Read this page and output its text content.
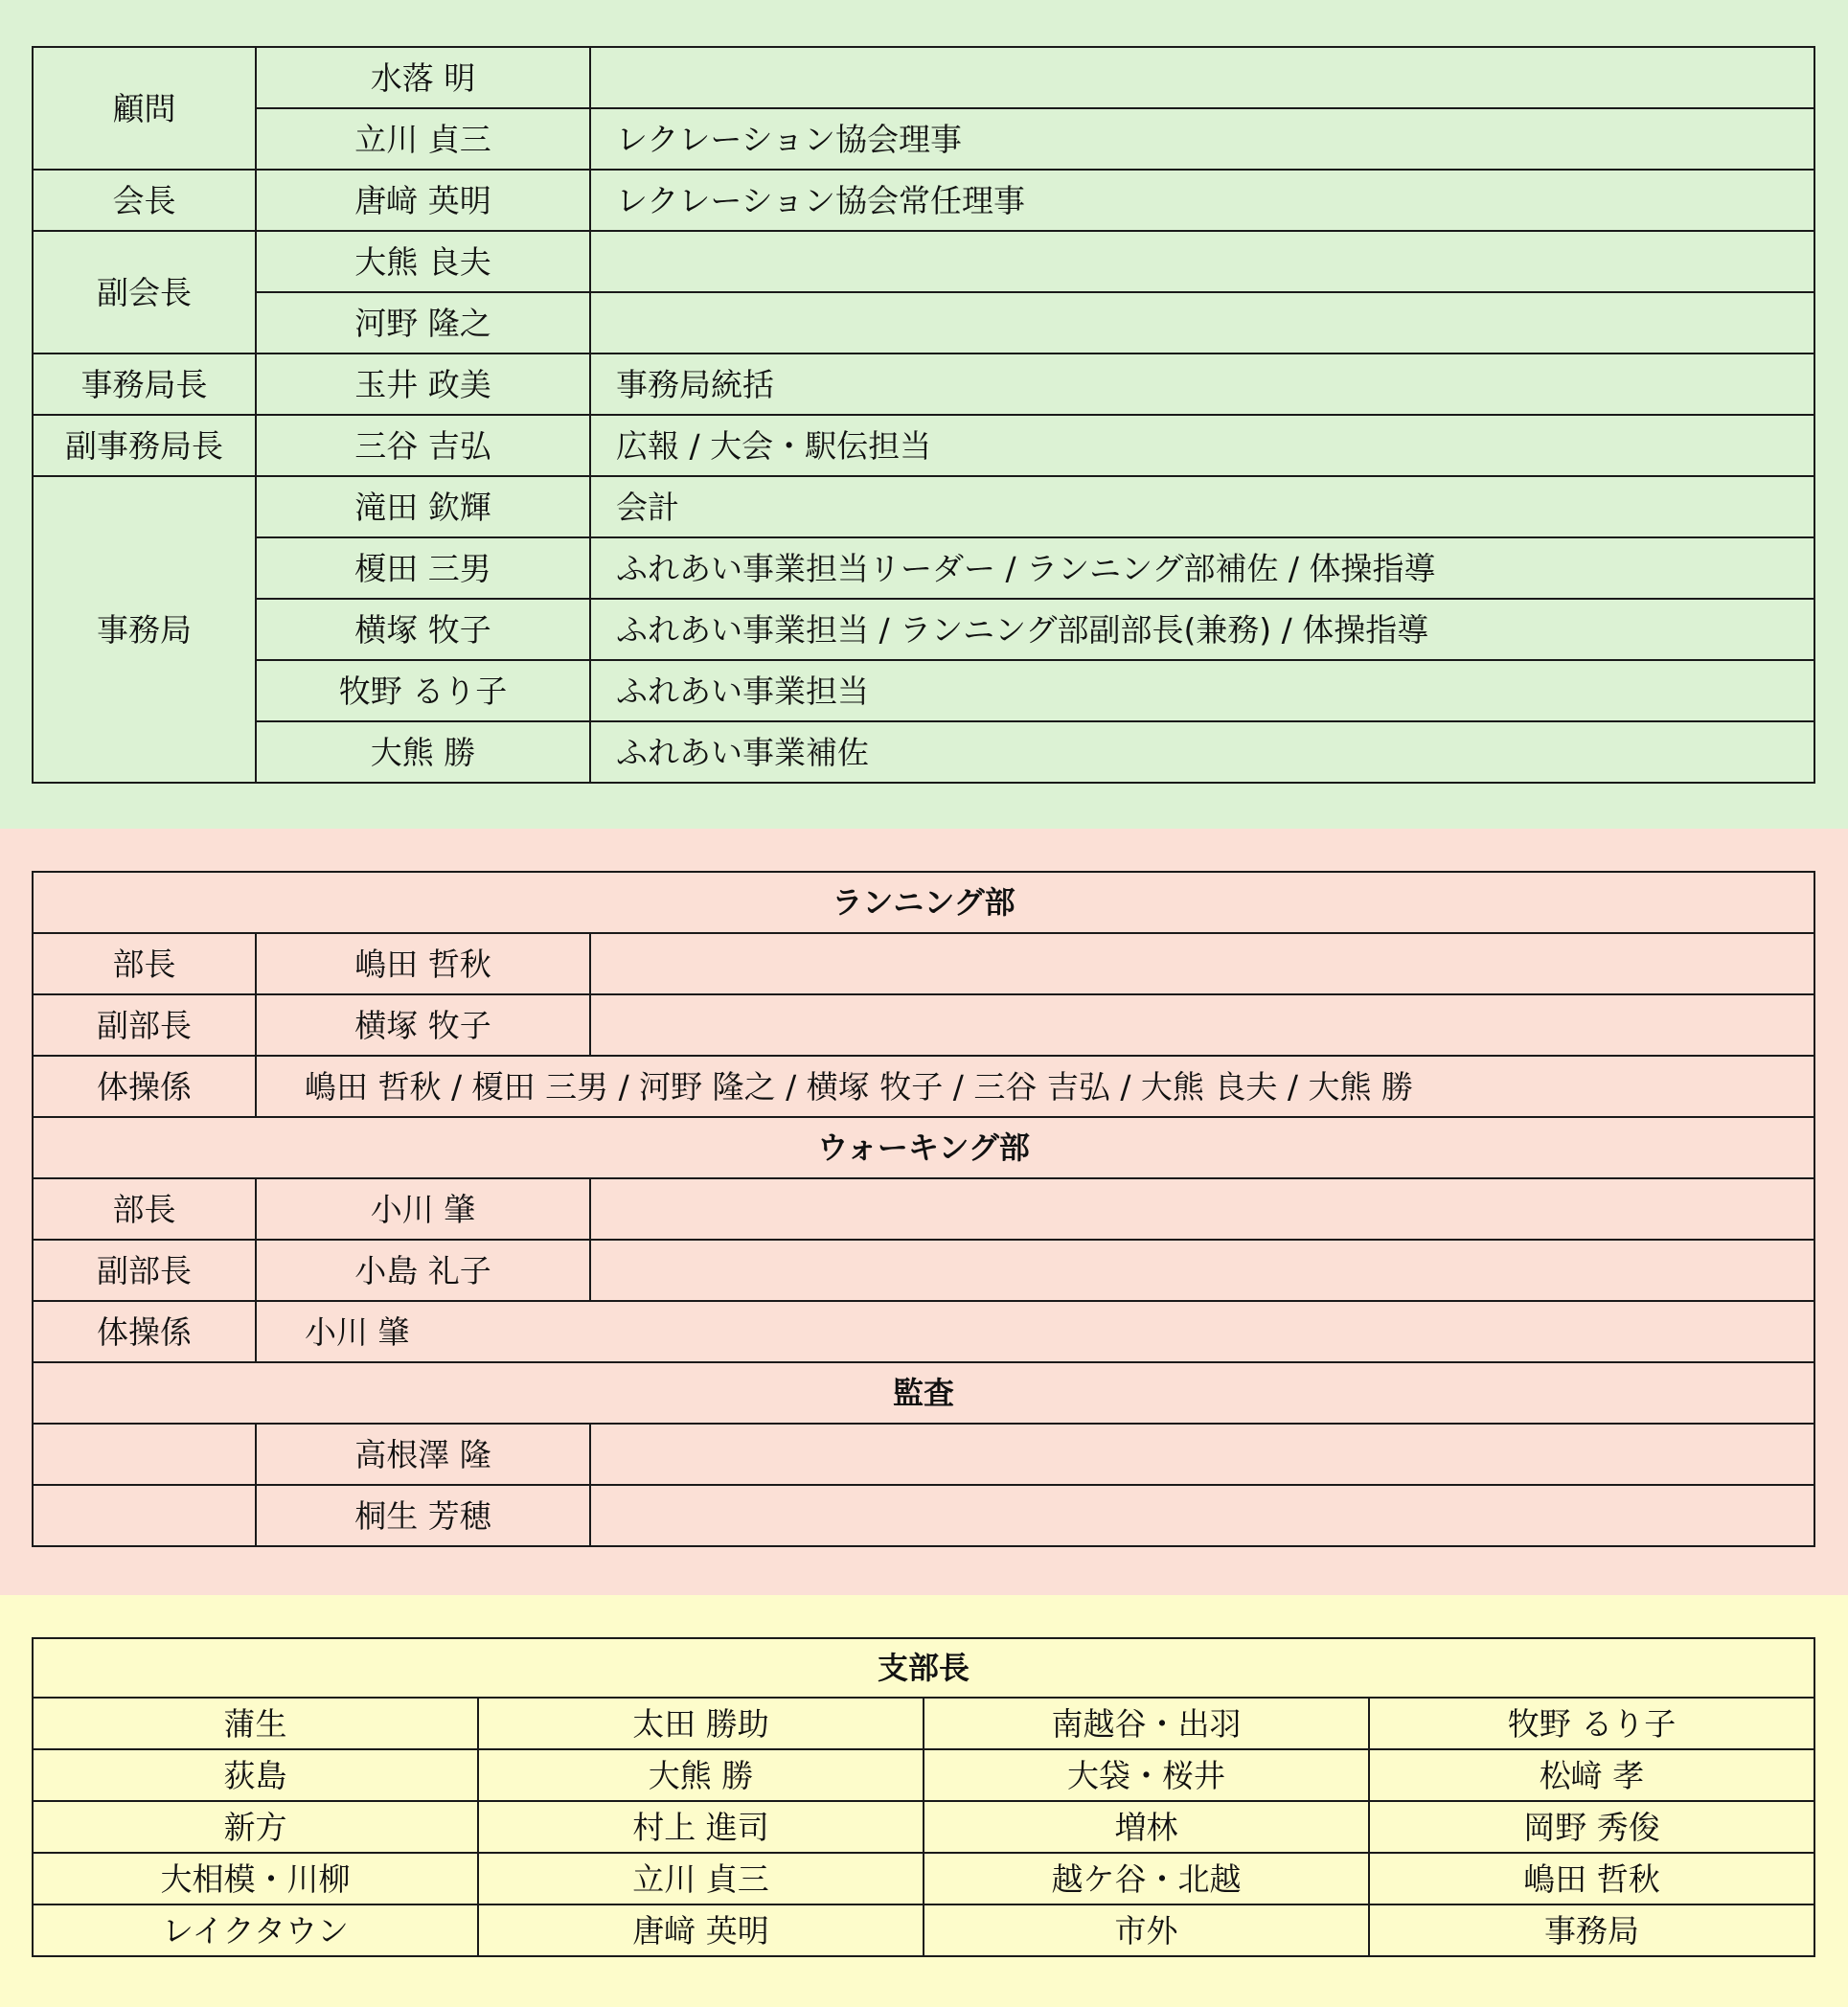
顧問	水落 明	
	立川 貞三	レクレーション協会理事
会長	唐﨑 英明	レクレーション協会常任理事
副会長	大熊 良夫	
	河野 隆之	
事務局長	玉井 政美	事務局統括
副事務局長	三谷 吉弘	広報 / 大会・駅伝担当
事務局	滝田 欽輝	会計
	榎田 三男	ふれあい事業担当リーダー / ランニング部補佐 / 体操指導
	横塚 牧子	ふれあい事業担当 / ランニング部副部長(兼務) / 体操指導
	牧野 るり子	ふれあい事業担当
	大熊 勝	ふれあい事業補佐
ランニング部		
部長	嶋田 哲秋	
副部長	横塚 牧子	
体操係	嶋田 哲秋 / 榎田 三男 / 河野 隆之 / 横塚 牧子 / 三谷 吉弘 / 大熊 良夫 / 大熊 勝	
ウォーキング部		
部長	小川 肇	
副部長	小島 礼子	
体操係	小川 肇	
監査		
	高根澤 隆	
	桐生 芳穂	
支部長			
蒲生	太田 勝助	南越谷・出羽	牧野 るり子
荻島	大熊 勝	大袋・桜井	松﨑 孝
新方	村上 進司	増林	岡野 秀俊
大相模・川柳	立川 貞三	越ケ谷・北越	嶋田 哲秋
レイクタウン	唐﨑 英明	市外	事務局
